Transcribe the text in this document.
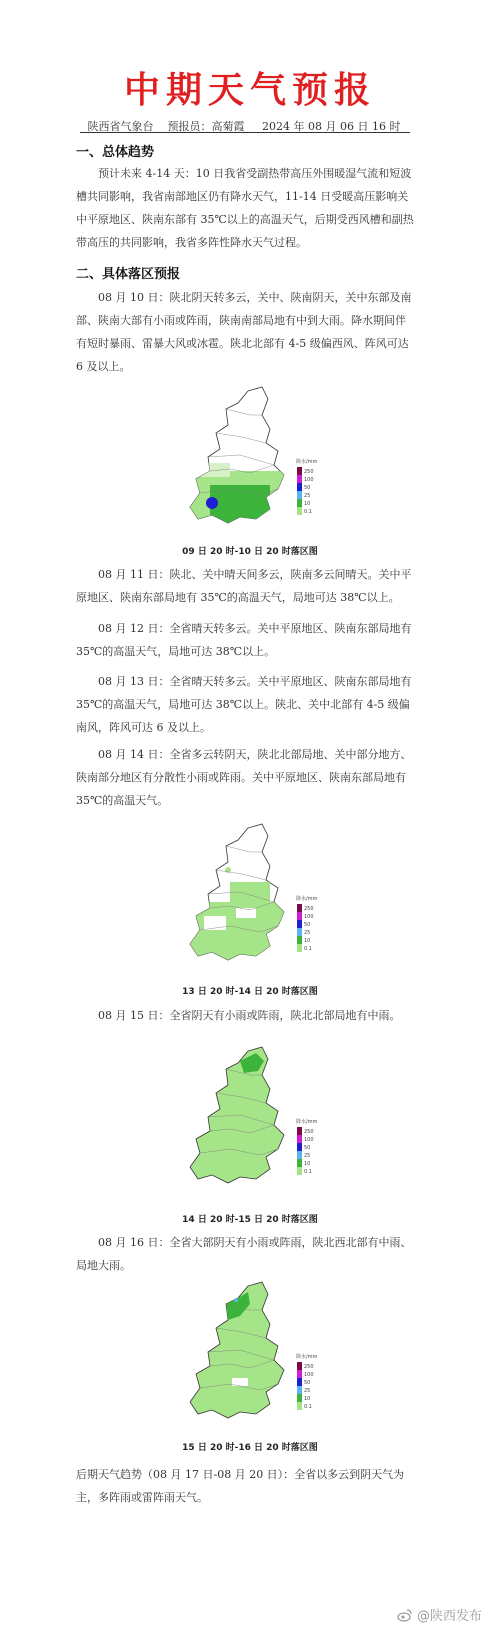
中期天气预报
陕西省气象台 预报员：高菊霞 2024 年 08 月 06 日 16 时
一、总体趋势
预计未来 4-14 天：10 日我省受副热带高压外围暖湿气流和短波槽共同影响，我省南部地区仍有降水天气，11-14 日受暖高压影响关中平原地区、陕南东部有 35℃以上的高温天气，后期受西风槽和副热带高压的共同影响，我省多阵性降水天气过程。
二、具体落区预报
08 月 10 日：陕北阴天转多云，关中、陕南阴天，关中东部及南部、陕南大部有小雨或阵雨，陕南南部局地有中到大雨。降水期间伴有短时暴雨、雷暴大风或冰雹。陕北北部有 4-5 级偏西风、阵风可达 6 及以上。
降水/mm
250
100
50
25
10
0.1
09 日 20 时-10 日 20 时落区图
08 月 11 日：陕北、关中晴天间多云，陕南多云间晴天。关中平原地区、陕南东部局地有 35℃的高温天气，局地可达 38℃以上。
08 月 12 日：全省晴天转多云。关中平原地区、陕南东部局地有 35℃的高温天气，局地可达 38℃以上。
08 月 13 日：全省晴天转多云。关中平原地区、陕南东部局地有 35℃的高温天气，局地可达 38℃以上。陕北、关中北部有 4-5 级偏南风，阵风可达 6 及以上。
08 月 14 日：全省多云转阴天，陕北北部局地、关中部分地方、陕南部分地区有分散性小雨或阵雨。关中平原地区、陕南东部局地有 35℃的高温天气。
降水/mm
250
100
50
25
10
0.1
13 日 20 时-14 日 20 时落区图
08 月 15 日：全省阴天有小雨或阵雨，陕北北部局地有中雨。
降水/mm
250
100
50
25
10
0.1
14 日 20 时-15 日 20 时落区图
08 月 16 日：全省大部阴天有小雨或阵雨，陕北西北部有中雨、局地大雨。
降水/mm
250
100
50
25
10
0.1
15 日 20 时-16 日 20 时落区图
后期天气趋势（08 月 17 日-08 月 20 日）：全省以多云到阴天气为主，多阵雨或雷阵雨天气。
@陕西发布
